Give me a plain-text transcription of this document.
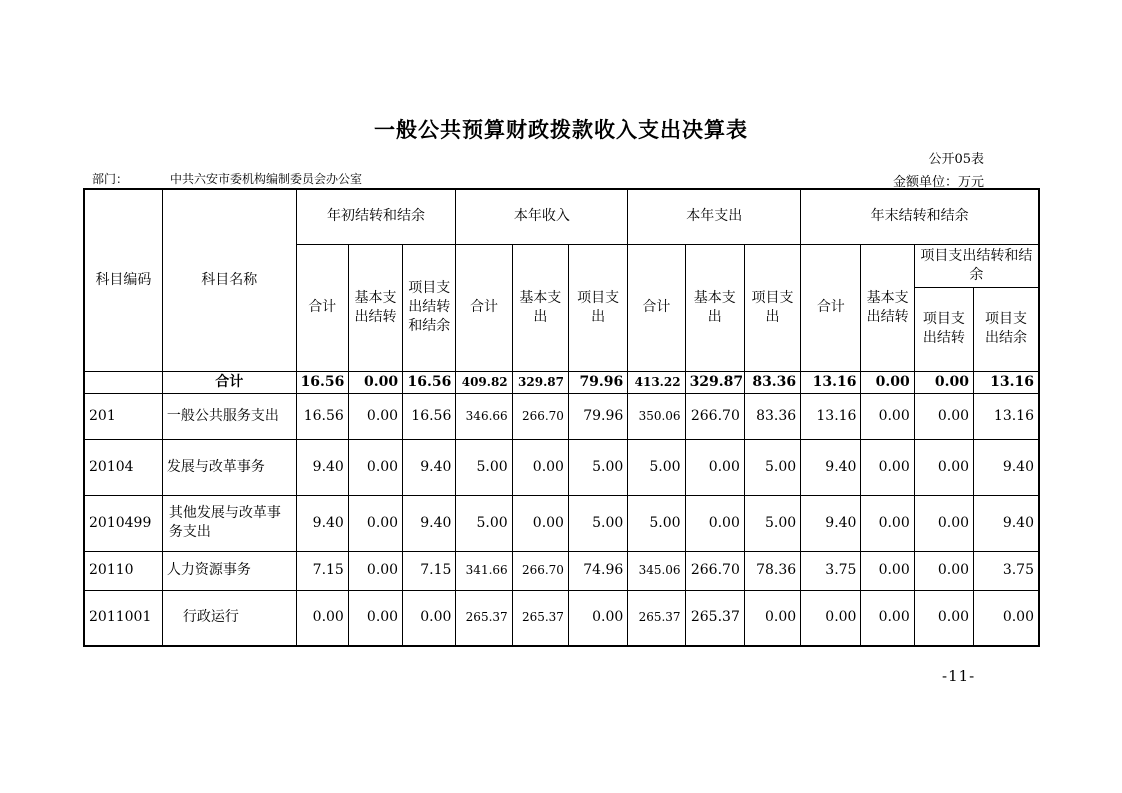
一般公共预算财政拨款收入支出决算表
公开05表
部门：	中共六安市委机构编制委员会办公室	金额单位：万元
科目编码	科目名称	年初结转和结余			本年收入			本年支出			年末结转和结余			
		合计	基本支出结转	项目支出结转和结余	合计	基本支出	项目支出	合计	基本支出	项目支出	合计	基本支出结转	项目支出结转和结余	
													项目支出结转	项目支出结余
	合计	16.56	0.00	16.56	409.82	329.87	79.96	413.22	329.87	83.36	13.16	0.00	0.00	13.16
201	一般公共服务支出	16.56	0.00	16.56	346.66	266.70	79.96	350.06	266.70	83.36	13.16	0.00	0.00	13.16
20104	发展与改革事务	9.40	0.00	9.40	5.00	0.00	5.00	5.00	0.00	5.00	9.40	0.00	0.00	9.40
2010499	其他发展与改革事务支出	9.40	0.00	9.40	5.00	0.00	5.00	5.00	0.00	5.00	9.40	0.00	0.00	9.40
20110	人力资源事务	7.15	0.00	7.15	341.66	266.70	74.96	345.06	266.70	78.36	3.75	0.00	0.00	3.75
2011001	行政运行	0.00	0.00	0.00	265.37	265.37	0.00	265.37	265.37	0.00	0.00	0.00	0.00	0.00
-11-
